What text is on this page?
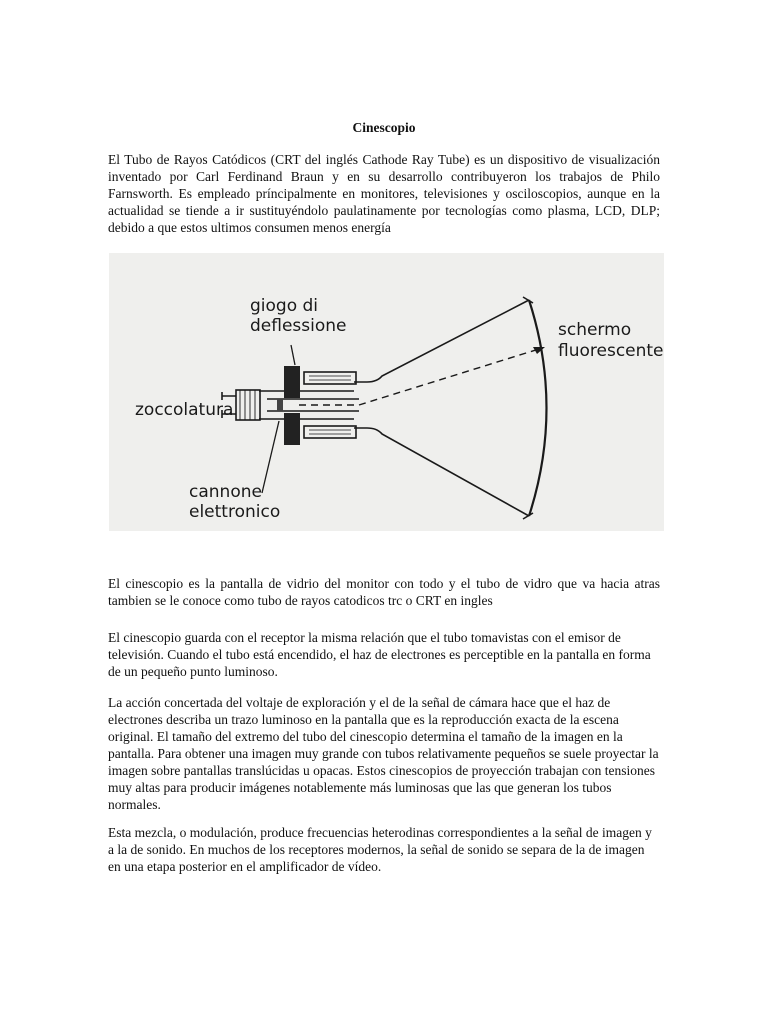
Cinescopio

El Tubo de Rayos Catódicos (CRT del inglés Cathode Ray Tube) es un dispositivo de visualización inventado por Carl Ferdinand Braun y en su desarrollo contribuyeron los trabajos de Philo Farnsworth. Es empleado príncipalmente en monitores, televisiones y osciloscopios, aunque en la actualidad se tiende a ir sustituyéndolo paulatinamente por tecnologías como plasma, LCD, DLP; debido a que estos ultimos consumen menos energía

giogo di
deflessione	schermo
fluorescente
zoccolatura
cannone
elettronico

El cinescopio es la pantalla de vidrio del monitor con todo y el tubo de vidro que va hacia atras tambien se le conoce como tubo de rayos catodicos trc o CRT en ingles

El cinescopio guarda con el receptor la misma relación que el tubo tomavistas con el emisor de televisión. Cuando el tubo está encendido, el haz de electrones es perceptible en la pantalla en forma de un pequeño punto luminoso.

La acción concertada del voltaje de exploración y el de la señal de cámara hace que el haz de electrones describa un trazo luminoso en la pantalla que es la reproducción exacta de la escena original. El tamaño del extremo del tubo del cinescopio determina el tamaño de la imagen en la pantalla. Para obtener una imagen muy grande con tubos relativamente pequeños se suele proyectar la imagen sobre pantallas translúcidas u opacas. Estos cinescopios de proyección trabajan con tensiones muy altas para producir imágenes notablemente más luminosas que las que generan los tubos normales.

Esta mezcla, o modulación, produce frecuencias heterodinas correspondientes a la señal de imagen y a la de sonido. En muchos de los receptores modernos, la señal de sonido se separa de la de imagen en una etapa posterior en el amplificador de vídeo.
